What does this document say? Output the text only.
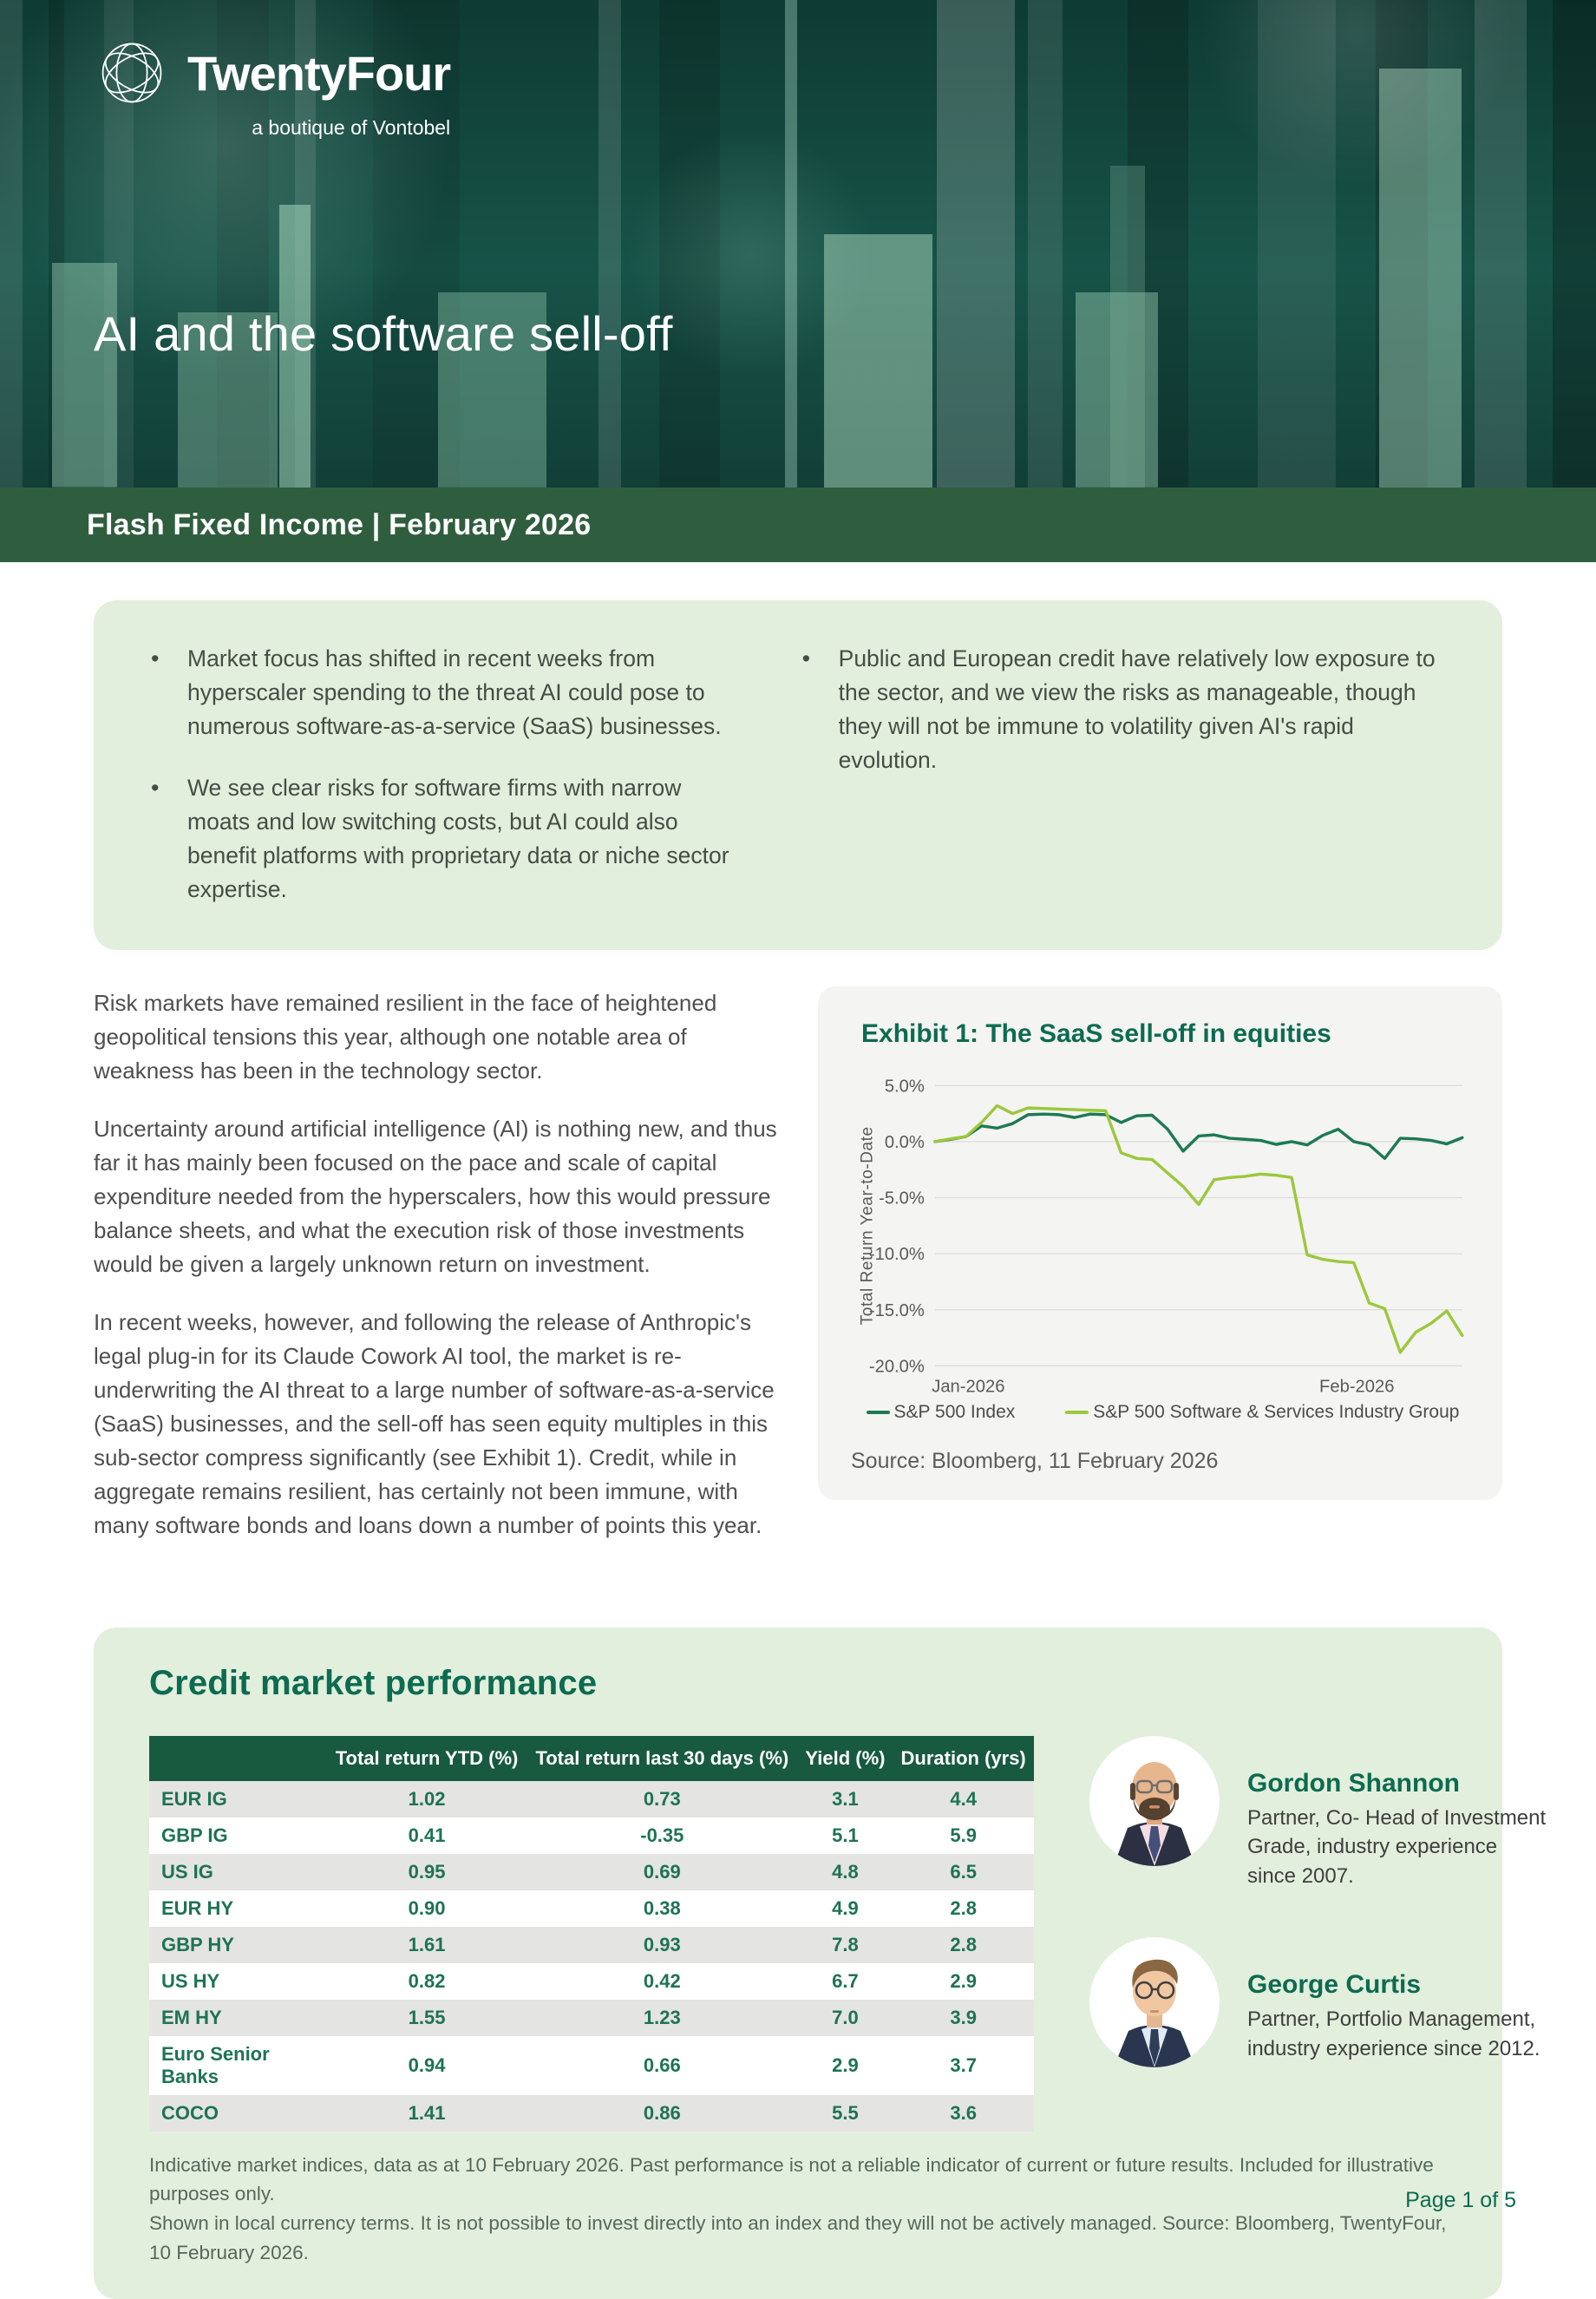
TwentyFour
a boutique of Vontobel
AI and the software sell-off
Flash Fixed Income | February 2026
• Market focus has shifted in recent weeks from hyperscaler spending to the threat AI could pose to numerous software-as-a-service (SaaS) businesses.
• We see clear risks for software firms with narrow moats and low switching costs, but AI could also benefit platforms with proprietary data or niche sector expertise.
• Public and European credit have relatively low exposure to the sector, and we view the risks as manageable, though they will not be immune to volatility given AI's rapid evolution.

Risk markets have remained resilient in the face of heightened geopolitical tensions this year, although one notable area of weakness has been in the technology sector.

Uncertainty around artificial intelligence (AI) is nothing new, and thus far it has mainly been focused on the pace and scale of capital expenditure needed from the hyperscalers, how this would pressure balance sheets, and what the execution risk of those investments would be given a largely unknown return on investment.

In recent weeks, however, and following the release of Anthropic's legal plug-in for its Claude Cowork AI tool, the market is re-underwriting the AI threat to a large number of software-as-a-service (SaaS) businesses, and the sell-off has seen equity multiples in this sub-sector compress significantly (see Exhibit 1). Credit, while in aggregate remains resilient, has certainly not been immune, with many software bonds and loans down a number of points this year.

Exhibit 1: The SaaS sell-off in equities
5.0%
0.0%
-5.0%
-10.0%
-15.0%
-20.0%
Total Return Year-to-Date
Jan-2026	Feb-2026
S&P 500 Index	S&P 500 Software & Services Industry Group
Source: Bloomberg, 11 February 2026
Credit market performance
	Total return YTD (%)	Total return last 30 days (%)	Yield (%)	Duration (yrs)
EUR IG	1.02	0.73	3.1	4.4
GBP IG	0.41	-0.35	5.1	5.9
US IG	0.95	0.69	4.8	6.5
EUR HY	0.90	0.38	4.9	2.8
GBP HY	1.61	0.93	7.8	2.8
US HY	0.82	0.42	6.7	2.9
EM HY	1.55	1.23	7.0	3.9
Euro Senior Banks	0.94	0.66	2.9	3.7
COCO	1.41	0.86	5.5	3.6
Gordon Shannon
Partner, Co- Head of Investment Grade, industry experience since 2007.
George Curtis
Partner, Portfolio Management, industry experience since 2012.
Indicative market indices, data as at 10 February 2026. Past performance is not a reliable indicator of current or future results. Included for illustrative purposes only.
Shown in local currency terms. It is not possible to invest directly into an index and they will not be actively managed. Source: Bloomberg, TwentyFour, 10 February 2026.
Page 1 of 5
